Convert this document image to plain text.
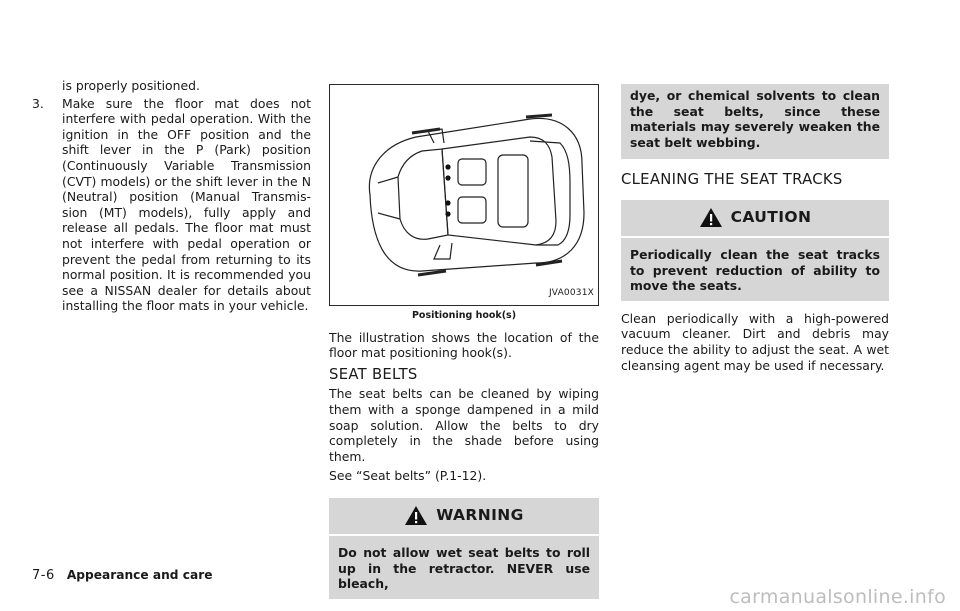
is properly positioned.

3.	Make sure the floor mat does not interfere with pedal operation. With the ignition in the OFF position and the shift lever in the P (Park) position (Continuously Variable Transmission (CVT) models) or the shift lever in the N (Neutral) position (Manual Transmis-sion (MT) models), fully apply and release all pedals. The floor mat must not interfere with pedal operation or prevent the pedal from returning to its normal position. It is recommended you see a NISSAN dealer for details about installing the floor mats in your vehicle.
JVA0031X
Positioning hook(s)

The illustration shows the location of the floor mat positioning hook(s).

SEAT BELTS

The seat belts can be cleaned by wiping them with a sponge dampened in a mild soap solution. Allow the belts to dry completely in the shade before using them.

See “Seat belts” (P.1-12).

WARNING
Do not allow wet seat belts to roll up in the retractor. NEVER use bleach,
dye, or chemical solvents to clean the seat belts, since these materials may severely weaken the seat belt webbing.
CLEANING THE SEAT TRACKS
CAUTION
Periodically clean the seat tracks to prevent reduction of ability to move the seats.

Clean periodically with a high-powered vacuum cleaner. Dirt and debris may reduce the ability to adjust the seat. A wet cleansing agent may be used if necessary.

7-6 Appearance and care
carmanualsonline.info
